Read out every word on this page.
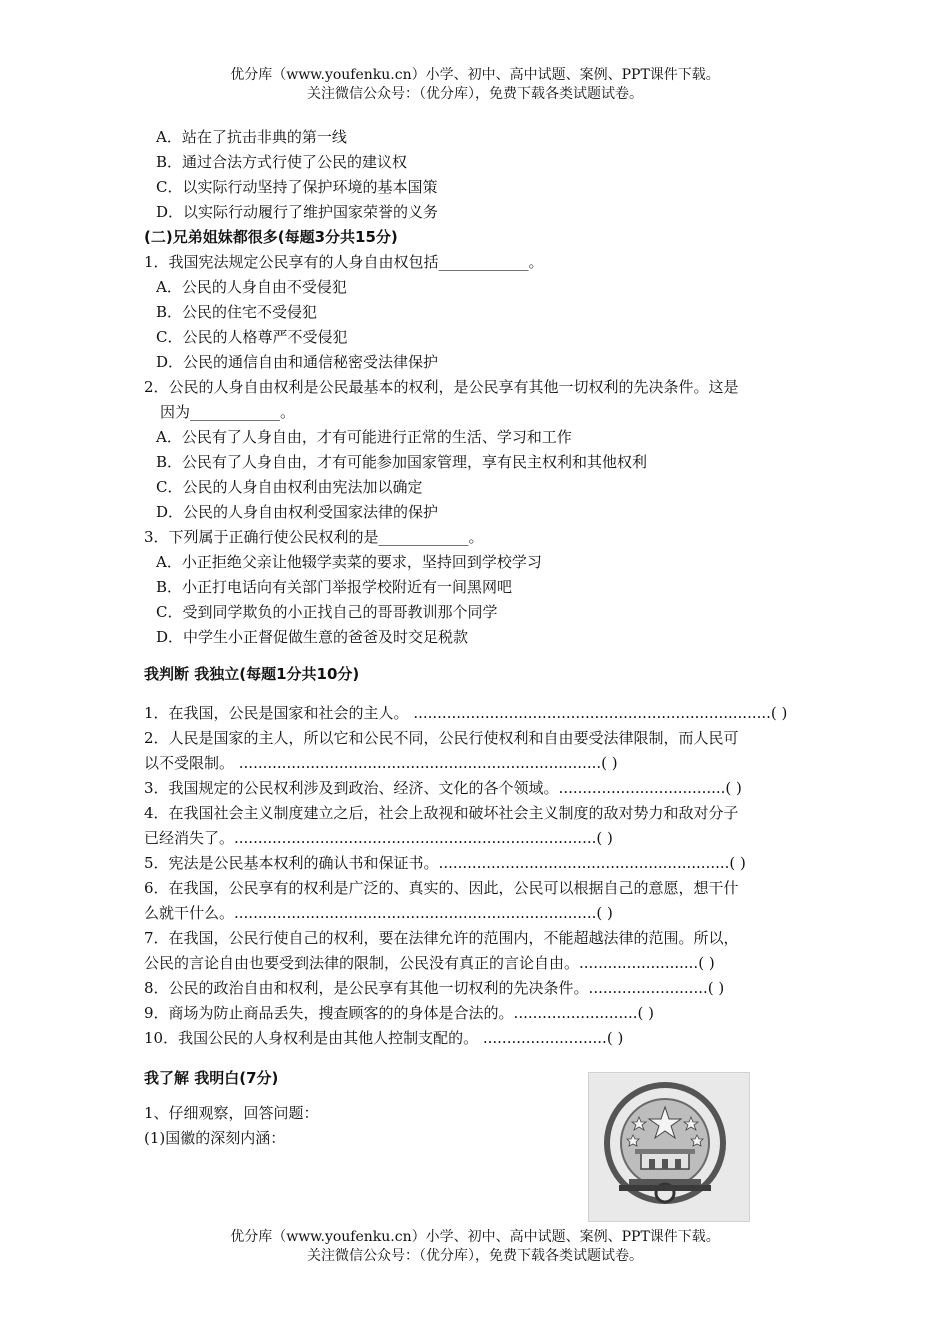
优分库（www.youfenku.cn）小学、初中、高中试题、案例、PPT课件下载。
关注微信公众号：（优分库），免费下载各类试题试卷。
A．站在了抗击非典的第一线
B．通过合法方式行使了公民的建议权
C．以实际行动坚持了保护环境的基本国策
D．以实际行动履行了维护国家荣誉的义务
(二)兄弟姐妹都很多(每题3分共15分)
1．我国宪法规定公民享有的人身自由权包括____________。
A．公民的人身自由不受侵犯
B．公民的住宅不受侵犯
C．公民的人格尊严不受侵犯
D．公民的通信自由和通信秘密受法律保护
2．公民的人身自由权利是公民最基本的权利，是公民享有其他一切权利的先决条件。这是
因为____________。
A．公民有了人身自由，才有可能进行正常的生活、学习和工作
B．公民有了人身自由，才有可能参加国家管理，享有民主权利和其他权利
C．公民的人身自由权利由宪法加以确定
D．公民的人身自由权利受国家法律的保护
3．下列属于正确行使公民权利的是____________。
A．小正拒绝父亲让他辍学卖菜的要求，坚持回到学校学习
B．小正打电话向有关部门举报学校附近有一间黑网吧
C．受到同学欺负的小正找自己的哥哥教训那个同学
D．中学生小正督促做生意的爸爸及时交足税款
我判断 我独立(每题1分共10分)
1．在我国，公民是国家和社会的主人。 ...........................................................................( )
2．人民是国家的主人，所以它和公民不同，公民行使权利和自由要受法律限制，而人民可
以不受限制。 ............................................................................( )
3．我国规定的公民权利涉及到政治、经济、文化的各个领域。...................................( )
4．在我国社会主义制度建立之后，社会上敌视和破坏社会主义制度的敌对势力和敌对分子
已经消失了。............................................................................( )
5．宪法是公民基本权利的确认书和保证书。.............................................................( )
6．在我国，公民享有的权利是广泛的、真实的、因此，公民可以根据自己的意愿，想干什
么就干什么。............................................................................( )
7．在我国，公民行使自己的权利，要在法律允许的范围内，不能超越法律的范围。所以，
公民的言论自由也要受到法律的限制，公民没有真正的言论自由。.........................( )
8．公民的政治自由和权利，是公民享有其他一切权利的先决条件。.........................( )
9．商场为防止商品丢失，搜查顾客的的身体是合法的。..........................( )
10．我国公民的人身权利是由其他人控制支配的。 ..........................( )
我了解 我明白(7分)
1、仔细观察，回答问题：
(1)国徽的深刻内涵：
优分库（www.youfenku.cn）小学、初中、高中试题、案例、PPT课件下载。
关注微信公众号：（优分库），免费下载各类试题试卷。
